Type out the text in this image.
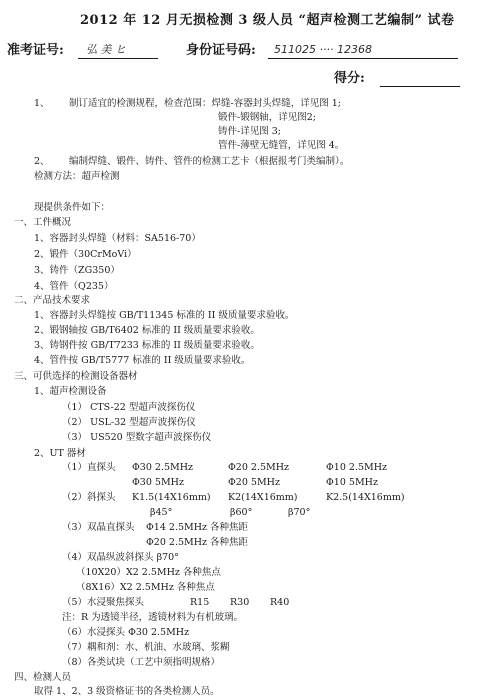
2012 年 12 月无损检测 3 级人员 “超声检测工艺编制” 试卷
准考证号: 弘 美 ヒ	身份证号码: 511025 ···· 12368
得分:
1、 制订适宜的检测规程，检查范围：焊缝-容器封头焊缝，详见图 1;
锻件-锻钢轴，详见图2;
铸件-详见图 3;
管件-薄壁无缝管，详见图 4。
2、 编制焊缝、锻件、铸件、管件的检测工艺卡（根据报考门类编制）。
检测方法：超声检测
现提供条件如下：
一、工件概况
1、容器封头焊缝（材料：SA516-70）
2、锻件（30CrMoVi）
3、铸件（ZG350）
4、管件（Q235）
二、产品技术要求
1、容器封头焊缝按 GB/T11345 标准的 II 级质量要求验收。
2、锻钢轴按 GB/T6402 标准的 II 级质量要求验收。
3、铸钢件按 GB/T7233 标准的 II 级质量要求验收。
4、管件按 GB/T5777 标准的 II 级质量要求验收。
三、可供选择的检测设备器材
1、超声检测设备
（1） CTS-22 型超声波探伤仪
（2） USL-32 型超声波探伤仪
（3） US520 型数字超声波探伤仪
2、UT 器材
（1）直探头 Φ30 2.5MHz	Φ20 2.5MHz	Φ10 2.5MHz
Φ30 5MHz	Φ20 5MHz	Φ10 5MHz
（2）斜探头 K1.5(14X16mm) K2(14X16mm)	K2.5(14X16mm)
β45°	β60°	β70°
（3）双晶直探头 Φ14 2.5MHz 各种焦距
Φ20 2.5MHz 各种焦距
（4）双晶纵波斜探头 β70°
（10X20）X2 2.5MHz 各种焦点
（8X16）X2 2.5MHz 各种焦点
（5）水浸聚焦探头	R15 R30 R40
注：R 为透镜半径，透镜材料为有机玻璃。
（6）水浸探头 Φ30 2.5MHz
（7）耦和剂：水、机油、水玻璃、浆糊
（8）各类试块（工艺中须指明规格）
四、检测人员
取得 1、2、3 级资格证书的各类检测人员。
